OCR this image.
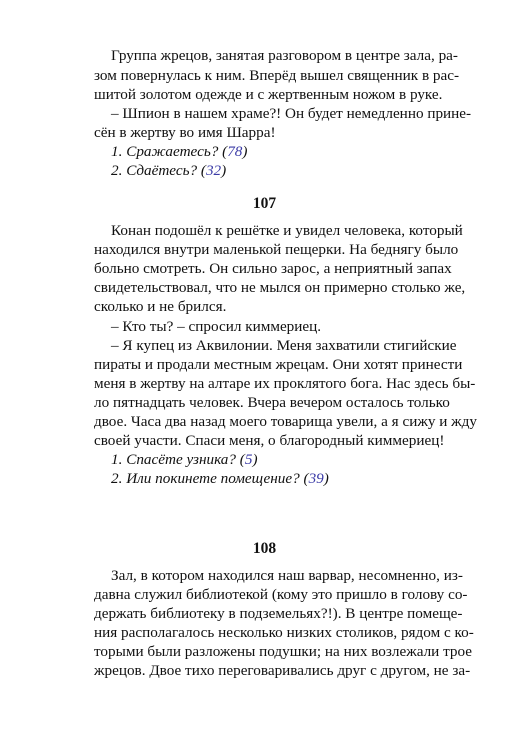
Группа жрецов, занятая разговором в центре зала, ра-
зом повернулась к ним. Вперёд вышел священник в рас-
шитой золотом одежде и с жертвенным ножом в руке.
– Шпион в нашем храме?! Он будет немедленно прине-
сён в жертву во имя Шарра!
1. Сражаетесь? (78)
2. Сдаётесь? (32)
107
Конан подошёл к решётке и увидел человека, который
находился внутри маленькой пещерки. На беднягу было
больно смотреть. Он сильно зарос, а неприятный запах
свидетельствовал, что не мылся он примерно столько же,
сколько и не брился.
– Кто ты? – спросил киммериец.
– Я купец из Аквилонии. Меня захватили стигийские
пираты и продали местным жрецам. Они хотят принести
меня в жертву на алтаре их проклятого бога. Нас здесь бы-
ло пятнадцать человек. Вчера вечером осталось только
двое. Часа два назад моего товарища увели, а я сижу и жду
своей участи. Спаси меня, о благородный киммериец!
1. Спасёте узника? (5)
2. Или покинете помещение? (39)
108
Зал, в котором находился наш варвар, несомненно, из-
давна служил библиотекой (кому это пришло в голову со-
держать библиотеку в подземельях?!). В центре помеще-
ния располагалось несколько низких столиков, рядом с ко-
торыми были разложены подушки; на них возлежали трое
жрецов. Двое тихо переговаривались друг с другом, не за-
